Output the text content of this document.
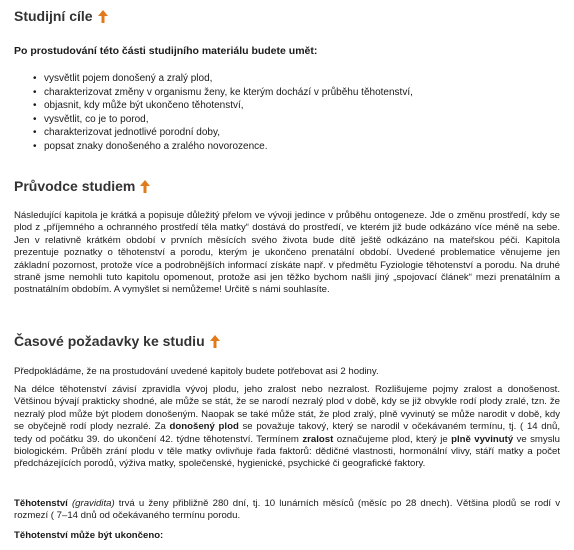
Studijní cíle

Po prostudování této části studijního materiálu budete umět:

• vysvětlit pojem donošený a zralý plod,
• charakterizovat změny v organismu ženy, ke kterým dochází v průběhu těhotenství,
• objasnit, kdy může být ukončeno těhotenství,
• vysvětlit, co je to porod,
• charakterizovat jednotlivé porodní doby,
• popsat znaky donošeného a zralého novorozence.
Průvodce studiem

Následující kapitola je krátká a popisuje důležitý přelom ve vývoji jedince v průběhu ontogeneze. Jde o změnu prostředí, kdy se plod z „příjemného a ochranného prostředí těla matky“ dostává do prostředí, ve kterém již bude odkázáno více méně na sebe. Jen v relativně krátkém období v prvních měsících svého života bude dítě ještě odkázáno na mateřskou péči. Kapitola prezentuje poznatky o těhotenství a porodu, kterým je ukončeno prenatální období. Uvedené problematice věnujeme jen základní pozornost, protože více a podrobnějších informací získáte např. v předmětu Fyziologie těhotenství a porodu. Na druhé straně jsme nemohli tuto kapitolu opomenout, protože asi jen těžko bychom našli jiný „spojovací článek“ mezi prenatálním a postnatálním obdobím. A vymyšlet si nemůžeme! Určitě s námi souhlasíte.

Časové požadavky ke studiu

Předpokládáme, že na prostudování uvedené kapitoly budete potřebovat asi 2 hodiny.

Na délce těhotenství závisí zpravidla vývoj plodu, jeho zralost nebo nezralost. Rozlišujeme pojmy zralost a donošenost. Většinou bývají prakticky shodné, ale může se stát, že se narodí nezralý plod v době, kdy se již obvykle rodí plody zralé, tzn. že nezralý plod může být plodem donošeným. Naopak se také může stát, že plod zralý, plně vyvinutý se může narodit v době, kdy se obyčejně rodí plody nezralé. Za donošený plod se považuje takový, který se narodil v očekávaném termínu, tj. ( 14 dnů, tedy od počátku 39. do ukončení 42. týdne těhotenství. Termínem zralost označujeme plod, který je plně vyvinutý ve smyslu biologickém. Průběh zrání plodu v těle matky ovlivňuje řada faktorů: dědičné vlastnosti, hormonální vlivy, stáří matky a počet předcházejících porodů, výživa matky, společenské, hygienické, psychické či geografické faktory.

Těhotenství (gravidita) trvá u ženy přibližně 280 dní, tj. 10 lunárních měsíců (měsíc po 28 dnech). Většina plodů se rodí v rozmezí ( 7–14 dnů od očekávaného termínu porodu.

Těhotenství může být ukončeno:
